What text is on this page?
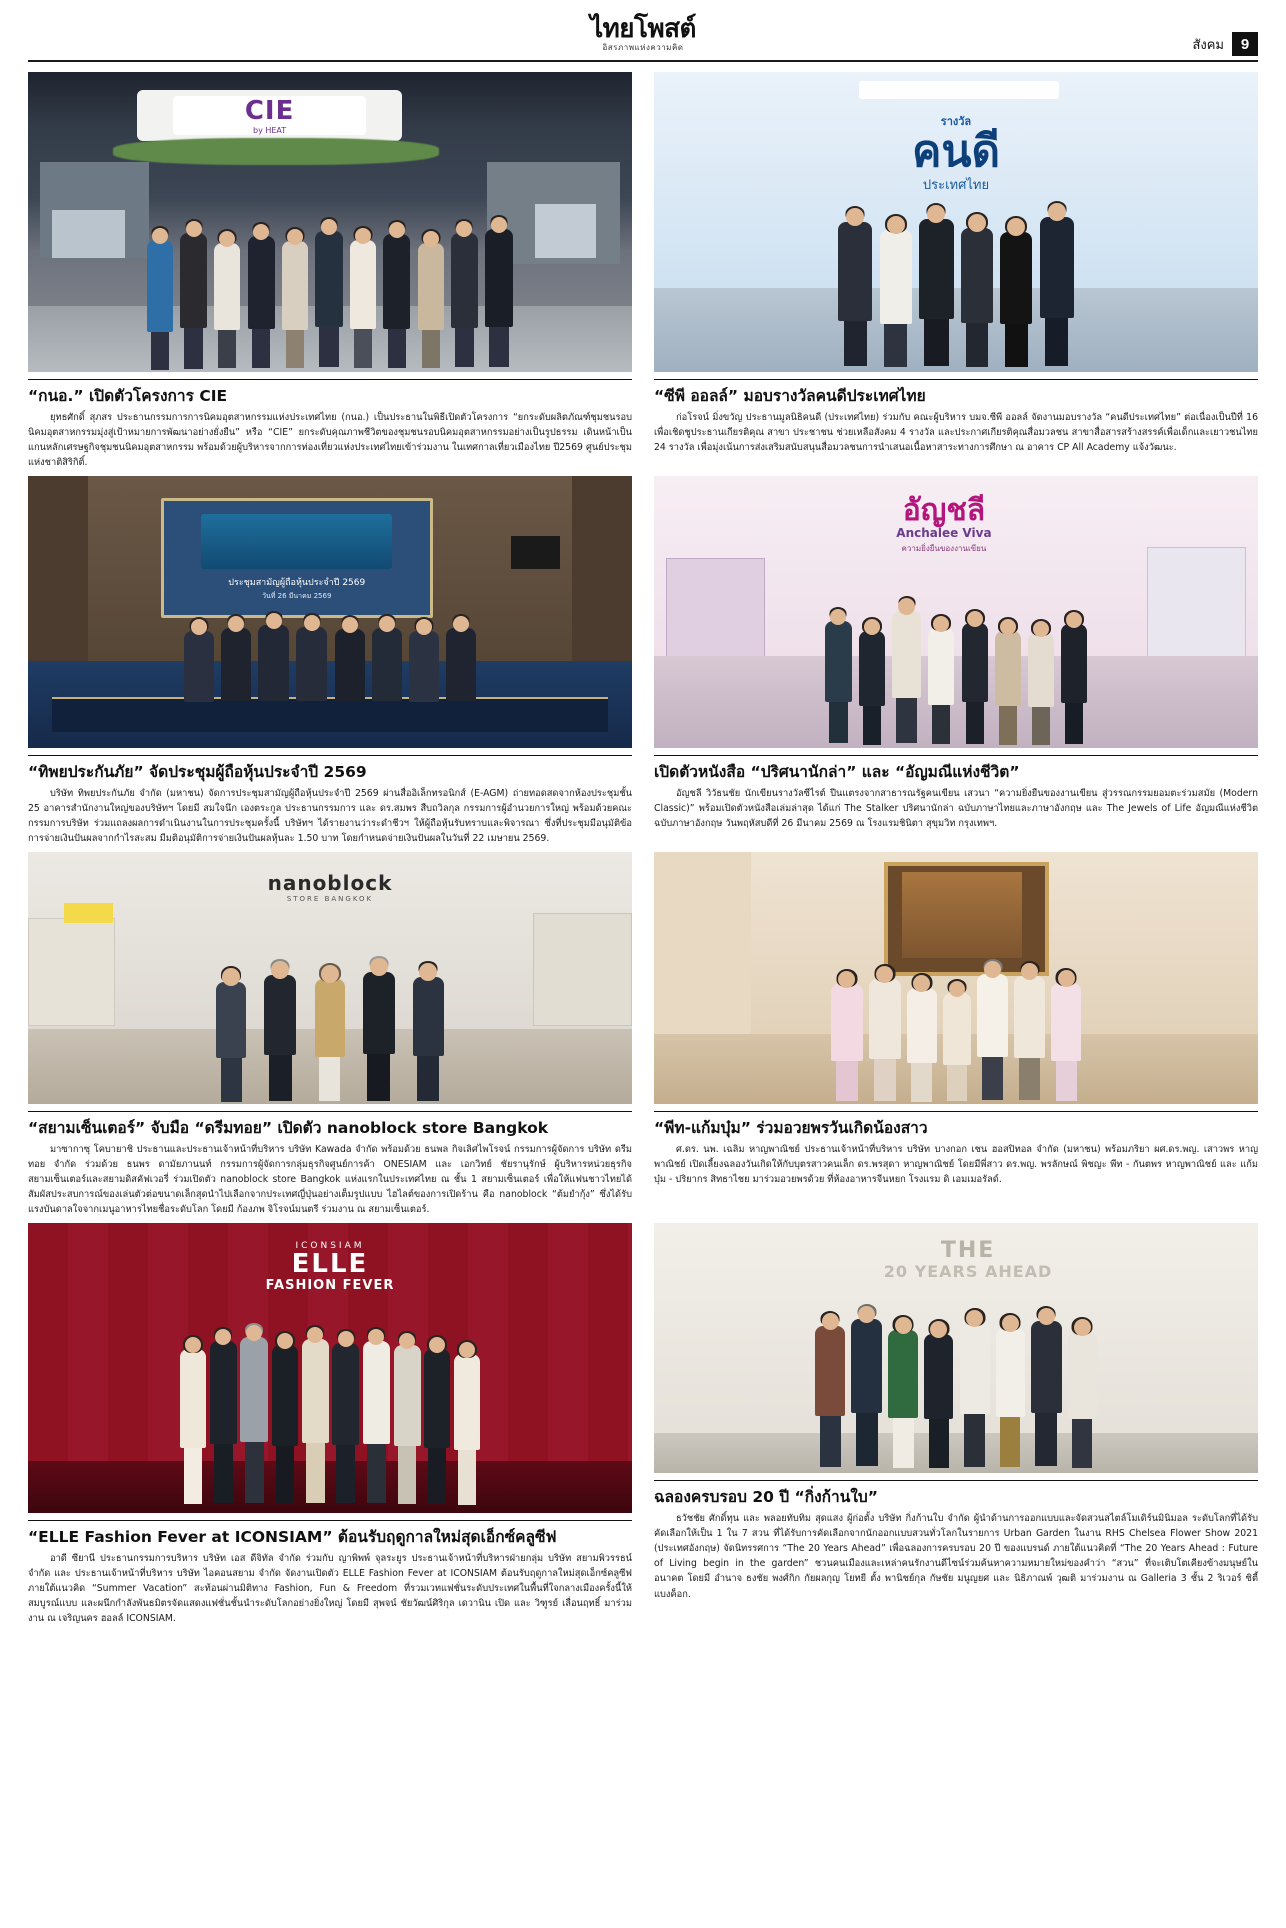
ไทยโพสต์
อิสรภาพแห่งความคิด	สังคม	9
CIE
by HEAT
“กนอ.” เปิดตัวโครงการ CIE
ยุทธศักดิ์ สุภสร ประธานกรรมการการนิคมอุตสาหกรรมแห่งประเทศไทย (กนอ.) เป็นประธานในพิธีเปิดตัวโครงการ “ยกระดับผลิตภัณฑ์ชุมชนรอบนิคมอุตสาหกรรมมุ่งสู่เป้าหมายการพัฒนาอย่างยั่งยืน” หรือ “CIE” ยกระดับคุณภาพชีวิตของชุมชนรอบนิคมอุตสาหกรรมอย่างเป็นรูปธรรม เดินหน้าเป็นแกนหลักเศรษฐกิจชุมชนนิคมอุตสาหกรรม พร้อมด้วยผู้บริหารจากการท่องเที่ยวแห่งประเทศไทยเข้าร่วมงาน ในเทศกาลเที่ยวเมืองไทย ปี2569 ศูนย์ประชุมแห่งชาติสิริกิติ์.
รางวัล
คนดี
ประเทศไทย
“ซีพี ออลล์” มอบรางวัลคนดีประเทศไทย
ก่อโรจน์ มิ่งขวัญ ประธานมูลนิธิคนดี (ประเทศไทย) ร่วมกับ คณะผู้บริหาร บมจ.ซีพี ออลล์ จัดงานมอบรางวัล “คนดีประเทศไทย” ต่อเนื่องเป็นปีที่ 16 เพื่อเชิดชูประธานเกียรติคุณ สาขา ประชาชน ช่วยเหลือสังคม 4 รางวัล และประกาศเกียรติคุณสื่อมวลชน สาขาสื่อสารสร้างสรรค์เพื่อเด็กและเยาวชนไทย 24 รางวัล เพื่อมุ่งเน้นการส่งเสริมสนับสนุนสื่อมวลชนการนำเสนอเนื้อหาสาระทางการศึกษา ณ อาคาร CP All Academy แจ้งวัฒนะ.
ประชุมสามัญผู้ถือหุ้นประจำปี 2569
วันที่ 26 มีนาคม 2569
“ทิพยประกันภัย” จัดประชุมผู้ถือหุ้นประจำปี 2569
บริษัท ทิพยประกันภัย จำกัด (มหาชน) จัดการประชุมสามัญผู้ถือหุ้นประจำปี 2569 ผ่านสื่ออิเล็กทรอนิกส์ (E-AGM) ถ่ายทอดสดจากห้องประชุมชั้น 25 อาคารสำนักงานใหญ่ของบริษัทฯ โดยมี สมใจนึก เองตระกูล ประธานกรรมการ และ ดร.สมพร สืบถวิลกุล กรรมการผู้อำนวยการใหญ่ พร้อมด้วยคณะกรรมการบริษัท ร่วมแถลงผลการดำเนินงานในการประชุมครั้งนี้ บริษัทฯ ได้รายงานว่าระดำชีวฯ ให้ผู้ถือหุ้นรับทราบและพิจารณา ซึ่งที่ประชุมมีอนุมัติข้อการจ่ายเงินปันผลจากกำไรสะสม มีมติอนุมัติการจ่ายเงินปันผลหุ้นละ 1.50 บาท โดยกำหนดจ่ายเงินปันผลในวันที่ 22 เมษายน 2569.
อัญชลี
Anchalee Viva
ความยิ่งยืนของงานเขียน
เปิดตัวหนังสือ “ปริศนานักล่า” และ “อัญมณีแห่งชีวิต”
อัญชลี วิวัธนชัย นักเขียนรางวัลซีไรต์ ปีนแตรงจากสาธารณรัฐคนเขียน เสวนา “ความยิ่งยืนของงานเขียน สู่วรรณกรรมยอมตะร่วมสมัย (Modern Classic)” พร้อมเปิดตัวหนังสือเล่มล่าสุด ได้แก่ The Stalker ปริศนานักล่า ฉบับภาษาไทยและภาษาอังกฤษ และ The Jewels of Life อัญมณีแห่งชีวิต ฉบับภาษาอังกฤษ วันพฤหัสบดีที่ 26 มีนาคม 2569 ณ โรงแรมชินิตา สุขุมวิท กรุงเทพฯ.
nanoblock
STORE BANGKOK
“สยามเซ็นเตอร์” จับมือ “ดรีมทอย” เปิดตัว nanoblock store Bangkok
มาซากาซุ โคบายาชิ ประธานและประธานเจ้าหน้าที่บริหาร บริษัท Kawada จำกัด พร้อมด้วย ธนพล กิจเลิศไพโรจน์ กรรมการผู้จัดการ บริษัท ดรีมทอย จำกัด ร่วมด้วย ธนพร ดามัยภานนท์ กรรมการผู้จัดการกลุ่มธุรกิจศูนย์การค้า ONESIAM และ เอกวิทย์ ชัยรานุรักษ์ ผู้บริหารหน่วยธุรกิจสยามเซ็นเตอร์และสยามดิสคัฟเวอรี่ ร่วมเปิดตัว nanoblock store Bangkok แห่งแรกในประเทศไทย ณ ชั้น 1 สยามเซ็นเตอร์ เพื่อให้แฟนชาวไทยได้สัมผัสประสบการณ์ของเล่นตัวต่อขนาดเล็กสุดนำไปเลือกจากประเทศญี่ปุ่นอย่างเต็มรูปแบบ ไฮไลต์ของการเปิดร้าน คือ nanoblock “ต้มยำกุ้ง” ซึ่งได้รับแรงบันดาลใจจากเมนูอาหารไทยชื่อระดับโลก โดยมี ก้องภพ จิโรจน์มนตรี ร่วมงาน ณ สยามเซ็นเตอร์.
“พีท-แก้มบุ๋ม” ร่วมอวยพรวันเกิดน้องสาว
ศ.ดร. นพ. เฉลิม หาญพาณิชย์ ประธานเจ้าหน้าที่บริหาร บริษัท บางกอก เชน ฮอสปิทอล จำกัด (มหาชน) พร้อมภริยา ผศ.ดร.พญ. เสาวพร หาญพาณิชย์ เปิดเลี้ยงฉลองวันเกิดให้กับบุตรสาวคนเล็ก ดร.พรสุดา หาญพาณิชย์ โดยมีพี่สาว ดร.พญ. พรลักษณ์ พิชญะ พีท - กันตพร หาญพาณิชย์ และ แก้มบุ๋ม - ปริยากร สิทธาไชย มาร่วมอวยพรด้วย ที่ห้องอาหารจีนหยก โรงแรม ดิ เอมเมอรัลด์.
ICONSIAM
ELLE
FASHION FEVER
“ELLE Fashion Fever at ICONSIAM” ต้อนรับฤดูกาลใหม่สุดเอ็กซ์คลูซีฟ
อาดี ซียานี ประธานกรรมการบริหาร บริษัท เอส ดีจิทัล จำกัด ร่วมกับ ญาพิพพ์ จุลระยูร ประธานเจ้าหน้าที่บริหารฝ่ายกลุ่ม บริษัท สยามพิวรรธน์ จำกัด และ ประธานเจ้าหน้าที่บริหาร บริษัท ไอคอนสยาม จำกัด จัดงานเปิดตัว ELLE Fashion Fever at ICONSIAM ต้อนรับฤดูกาลใหม่สุดเอ็กซ์คลูซีฟ ภายใต้แนวคิด “Summer Vacation” สะท้อนผ่านมิติทาง Fashion, Fun & Freedom ที่รวมเวทแฟชั่นระดับประเทศในพื้นที่ใจกลางเมืองครั้งนี้ให้สมบูรณ์แบบ และผนึกกำลังพันธมิตรจัดแสดงแฟชั่นชั้นนำระดับโลกอย่างยิ่งใหญ่ โดยมี สุพจน์ ชัยวัฒน์ศิริกุล เดวานิน เปิด และ วิฑูรย์ เลื่อนฤทธิ์ มาร่วมงาน ณ เจริญนคร ฮอลล์ ICONSIAM.
THE
20 YEARS AHEAD
ฉลองครบรอบ 20 ปี “กิ่งก้านใบ”
ธวัชชัย ศักดิ์ทุน และ พลอยทับทิม สุดแสง ผู้ก่อตั้ง บริษัท กิ่งก้านใบ จำกัด ผู้นำด้านการออกแบบและจัดสวนสไตล์โมเดิร์นมินิมอล ระดับโลกที่ได้รับคัดเลือกให้เป็น 1 ใน 7 สวน ที่ได้รับการคัดเลือกจากนักออกแบบสวนทั่วโลกในรายการ Urban Garden ในงาน RHS Chelsea Flower Show 2021 (ประเทศอังกฤษ) จัดนิทรรศการ “The 20 Years Ahead” เพื่อฉลองการครบรอบ 20 ปี ของแบรนด์ ภายใต้แนวคิดที่ “The 20 Years Ahead : Future of Living begin in the garden” ชวนคนเมืองและเหล่าคนรักงานดีไซน์ร่วมค้นหาความหมายใหม่ของคำว่า “สวน” ที่จะเติบโตเคียงข้างมนุษย์ในอนาคต โดยมี อำนาจ ธงชัย พงศ์กิก กัยผลกุญ โยทยี ตั้ง พานิชย์กุล กัษชัย มนูญยศ และ นิธิภาณพ์ วุฒติ มาร่วมงาน ณ Galleria 3 ชั้น 2 ริเวอร์ ซิตี้ แบงค็อก.
